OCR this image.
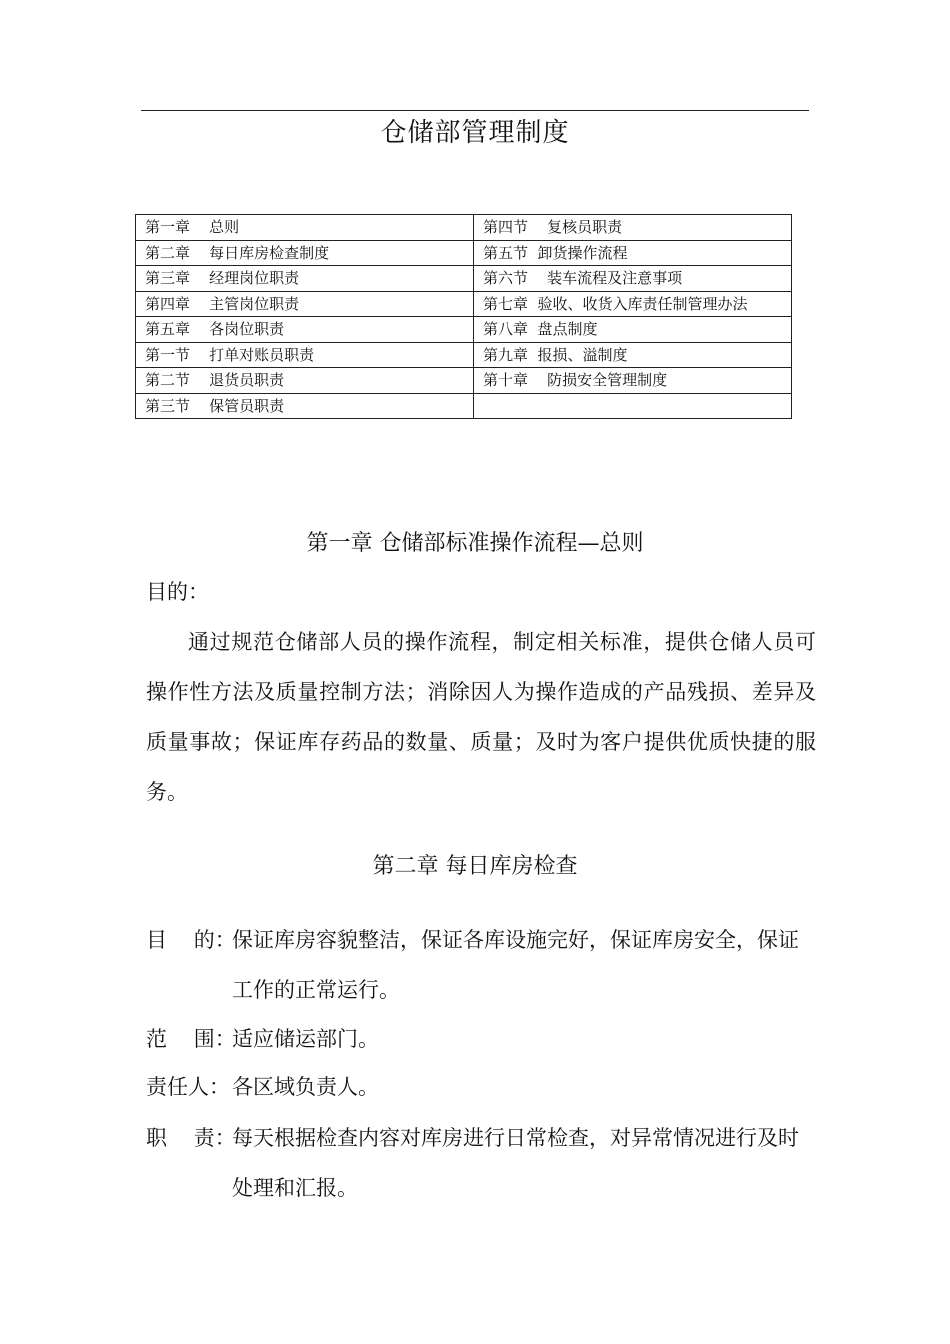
仓储部管理制度
第一章    总则	第四节    复核员职责
第二章    每日库房检查制度	第五节  卸货操作流程
第三章    经理岗位职责	第六节    装车流程及注意事项
第四章    主管岗位职责	第七章  验收、收货入库责任制管理办法
第五章    各岗位职责	第八章  盘点制度
第一节    打单对账员职责	第九章  报损、溢制度
第二节    退货员职责	第十章    防损安全管理制度
第三节    保管员职责	
第一章 仓储部标准操作流程—总则
目的：
通过规范仓储部人员的操作流程，制定相关标准，提供仓储人员可操作性方法及质量控制方法；消除因人为操作造成的产品残损、差异及质量事故；保证库存药品的数量、质量；及时为客户提供优质快捷的服务。
第二章 每日库房检查
目    的：
保证库房容貌整洁，保证各库设施完好，保证库房安全，保证工作的正常运行。
范    围：
适应储运部门。
责任人： 各区域负责人。
职    责：
每天根据检查内容对库房进行日常检查，对异常情况进行及时处理和汇报。
